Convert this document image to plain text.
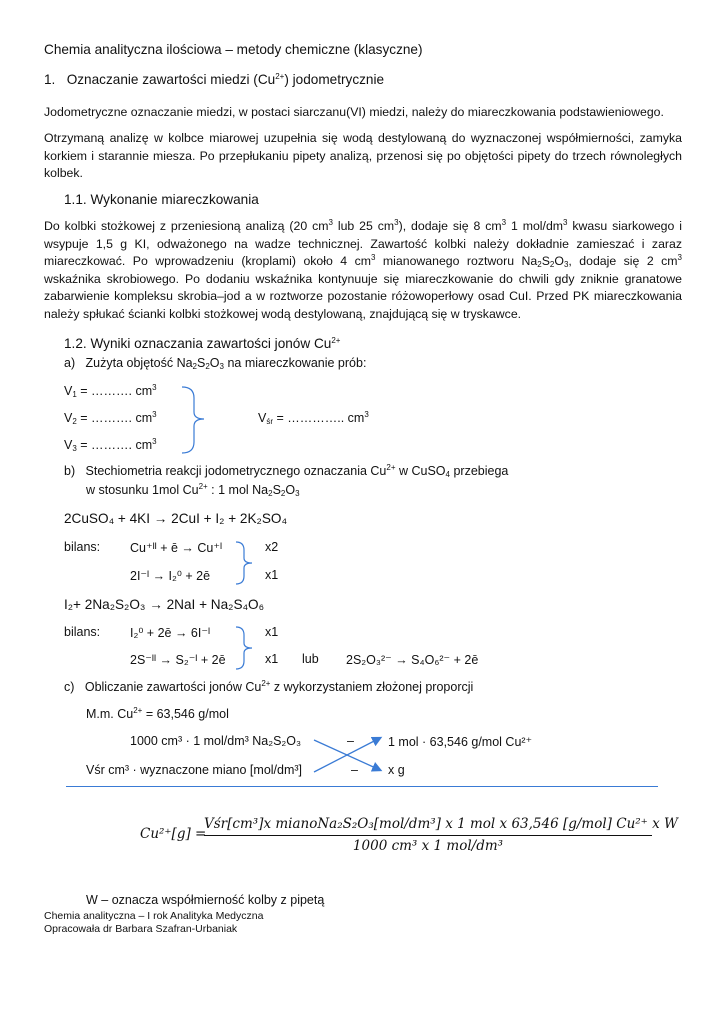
Chemia analityczna ilościowa – metody chemiczne (klasyczne)
1. Oznaczanie zawartości miedzi $(Cu^{2+})$ jodometrycznie
Jodometryczne oznaczanie miedzi, w postaci siarczanu(VI) miedzi, należy do miareczkowania podstawieniowego.
Otrzymaną analizę w kolbce miarowej uzupełnia się wodą destylowaną do wyznaczonej współmierności, zamyka korkiem i starannie miesza. Po przepłukaniu pipety analizą, przenosi się po objętości pipety do trzech równoległych kolbek.
1.1. Wykonanie miareczkowania
Do kolbki stożkowej z przeniesioną analizą (20 $cm^3$ lub 25 $cm^3$), dodaje się 8 $cm^3$ 1 mol/$dm^3$ kwasu siarkowego i wsypuje 1,5 g KI, odważonego na wadze technicznej. Zawartość kolbki należy dokładnie zamieszać i zaraz miareczkować. Po wprowadzeniu (kroplami) około 4 $cm^3$ mianowanego roztworu $Na_2S_2O_3$, dodaje się 2 $cm^3$ wskaźnika skrobiowego. Po dodaniu wskaźnika kontynuuje się miareczkowanie do chwili gdy zniknie granatowe zabarwienie kompleksu skrobia–jod a w roztworze pozostanie różowoperłowy osad CuI. Przed PK miareczkowania należy spłukać ścianki kolbki stożkowej wodą destylowaną, znajdującą się w tryskawce.
1.2. Wyniki oznaczania zawartości jonów $Cu^{2+}$
a) Zużyta objętość $Na_2S_2O_3$ na miareczkowanie prób:
$V_1$ = ………. $cm^3$
$V_2$ = ………. $cm^3$
$V_3$ = ………. $cm^3$
$V_{śr}$ = ………….. $cm^3$
b) Stechiometria reakcji jodometrycznego oznaczania $Cu^{2+}$ w CuSO$_4$ przebiega
w stosunku 1mol $Cu^{2+}$ : 1 mol $Na_2S_2O_3$
2CuSO₄ + 4KI → 2CuI + I₂ + 2K₂SO₄
bilans: Cu⁺ᴵᴵ + ē → Cu⁺ᴵ	x2
2I⁻ᴵ → I₂⁰ + 2ē	x1
I₂+ 2Na₂S₂O₃ → 2NaI + Na₂S₄O₆
bilans: I₂⁰ + 2ē → 6I⁻ᴵ	x1
2S⁻ᴵᴵ → S₂⁻ᴵ + 2ē	x1 lub 2S₂O₃²⁻ → S₄O₆²⁻ + 2ē
c) Obliczanie zawartości jonów $Cu^{2+}$ z wykorzystaniem złożonej proporcji
M.m. $Cu^{2+} = 63,546$ g/mol
1000 cm³ · 1 mol/dm³ Na₂S₂O₃	–	1 mol · 63,546 g/mol Cu²⁺
Vśr cm³ · wyznaczone miano [mol/dm³]	– x g
Cu²⁺[g] =
Vśr[cm³]x mianoNa₂S₂O₃[mol/dm³] x 1 mol x 63,546 [g/mol] Cu²⁺ x W
1000 cm³ x 1 mol/dm³
W – oznacza współmierność kolby z pipetą
Chemia analityczna – I rok Analityka Medyczna
Opracowała dr Barbara Szafran-Urbaniak
